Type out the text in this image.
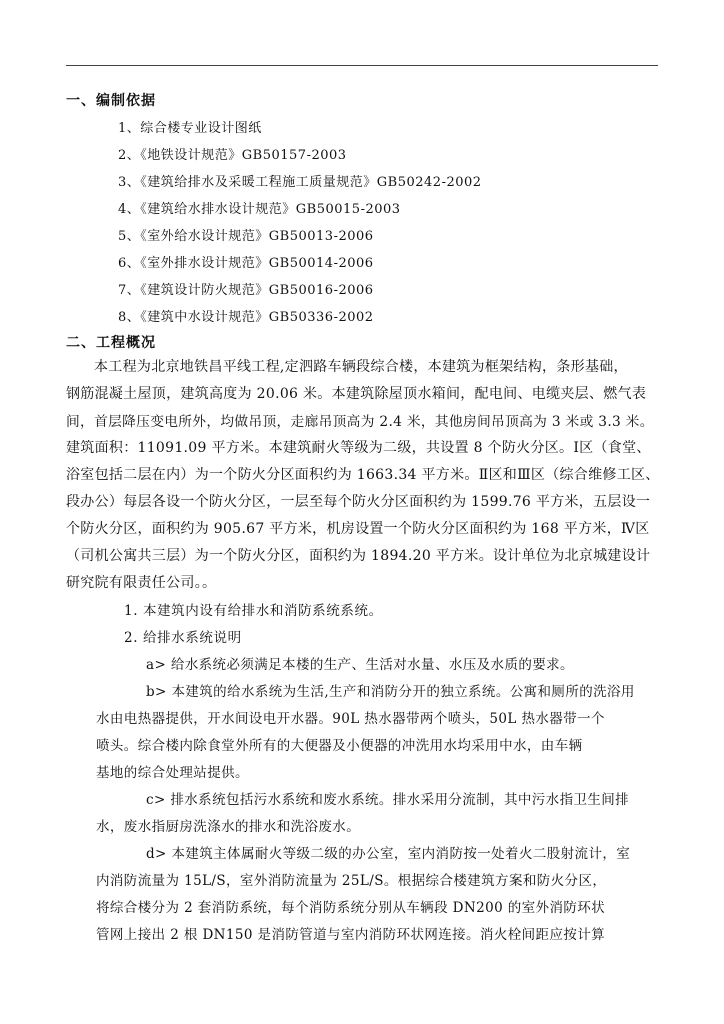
一、编制依据
1、综合楼专业设计图纸
2、《地铁设计规范》GB50157-2003
3、《建筑给排水及采暖工程施工质量规范》GB50242-2002
4、《建筑给水排水设计规范》GB50015-2003
5、《室外给水设计规范》GB50013-2006
6、《室外排水设计规范》GB50014-2006
7、《建筑设计防火规范》GB50016-2006
8、《建筑中水设计规范》GB50336-2002
二、工程概况
本工程为北京地铁昌平线工程,定泗路车辆段综合楼，本建筑为框架结构，条形基础，
钢筋混凝土屋顶，建筑高度为 20.06 米。本建筑除屋顶水箱间，配电间、电缆夹层、燃气表
间，首层降压变电所外，均做吊顶，走廊吊顶高为 2.4 米，其他房间吊顶高为 3 米或 3.3 米。
建筑面积：11091.09 平方米。本建筑耐火等级为二级，共设置 8 个防火分区。Ⅰ区（食堂、
浴室包括二层在内）为一个防火分区面积约为 1663.34 平方米。Ⅱ区和Ⅲ区（综合维修工区、
段办公）每层各设一个防火分区，一层至每个防火分区面积约为 1599.76 平方米，五层设一
个防火分区，面积约为 905.67 平方米，机房设置一个防火分区面积约为 168 平方米，Ⅳ区
（司机公寓共三层）为一个防火分区，面积约为 1894.20 平方米。设计单位为北京城建设计
研究院有限责任公司。。
1. 本建筑内设有给排水和消防系统系统。
2. 给排水系统说明
a> 给水系统必须满足本楼的生产、生活对水量、水压及水质的要求。
b> 本建筑的给水系统为生活,生产和消防分开的独立系统。公寓和厕所的洗浴用
水由电热器提供，开水间设电开水器。90L 热水器带两个喷头，50L 热水器带一个
喷头。综合楼内除食堂外所有的大便器及小便器的冲洗用水均采用中水，由车辆
基地的综合处理站提供。
c> 排水系统包括污水系统和废水系统。排水采用分流制，其中污水指卫生间排
水，废水指厨房洗涤水的排水和洗浴废水。
d> 本建筑主体属耐火等级二级的办公室，室内消防按一处着火二股射流计，室
内消防流量为 15L/S，室外消防流量为 25L/S。根据综合楼建筑方案和防火分区，
将综合楼分为 2 套消防系统，每个消防系统分别从车辆段 DN200 的室外消防环状
管网上接出 2 根 DN150 是消防管道与室内消防环状网连接。消火栓间距应按计算
